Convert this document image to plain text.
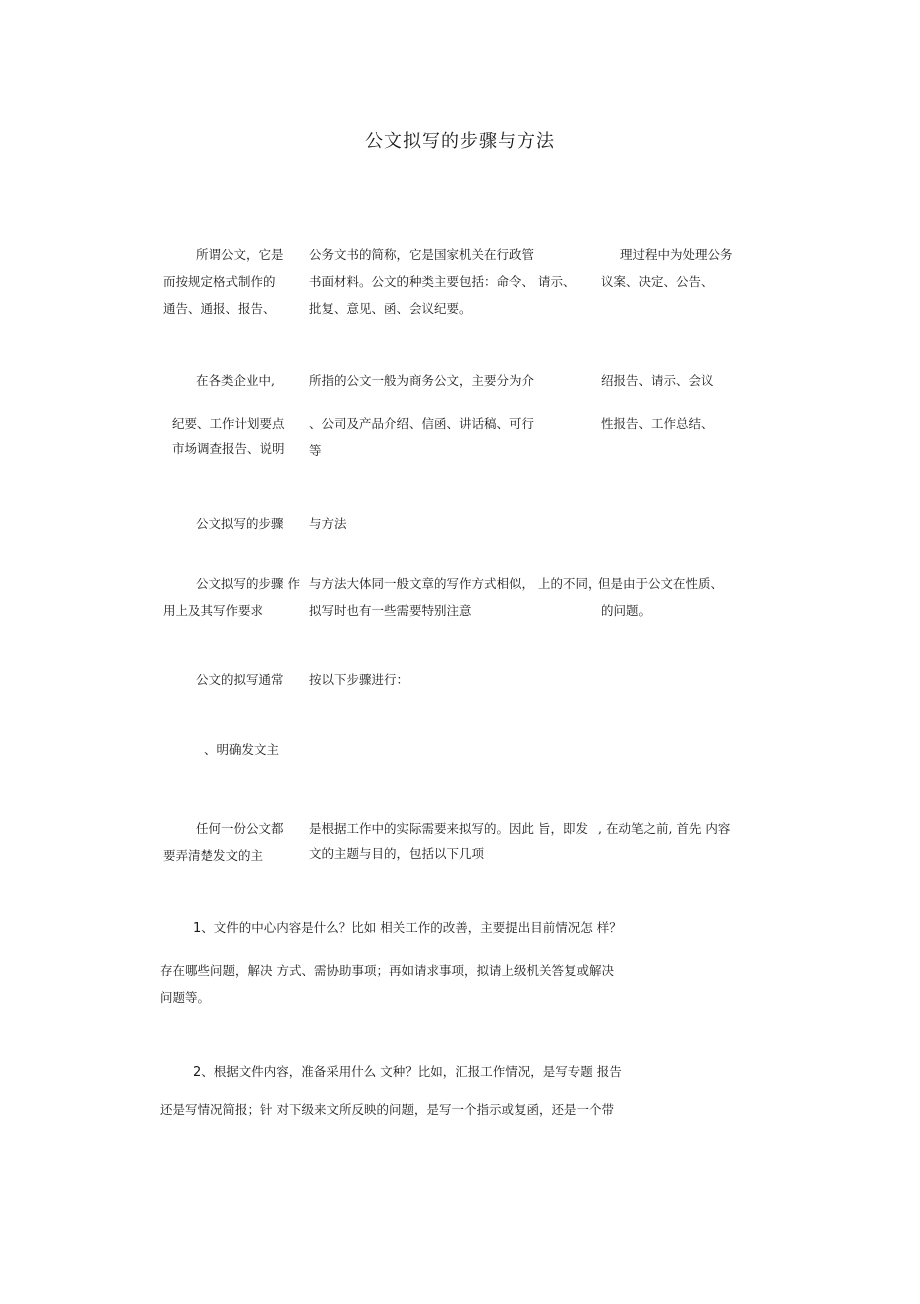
公文拟写的步骤与方法
所谓公文，它是
而按规定格式制作的
通告、通报、报告、
公务文书的简称，它是国家机关在行政管
书面材料。公文的种类主要包括：命令、 请示、
批复、意见、函、会议纪要。
理过程中为处理公务
议案、决定、公告、
在各类企业中,	所指的公文一般为商务公文，主要分为介	绍报告、请示、会议
纪要、工作计划要点
市场调查报告、说明
、公司及产品介绍、信函、讲话稿、可行
等
性报告、工作总结、
公文拟写的步骤 与方法
公文拟写的步骤 作
用上及其写作要求
与方法大体同一般文章的写作方式相似， 上的不同，
拟写时也有一些需要特别注意
但是由于公文在性质、
的问题。
公文的拟写通常 按以下步骤进行：
、明确发文主
任何一份公文都
要弄清楚发文的主
是根据工作中的实际需要来拟写的。因此 旨，即发
文的主题与目的，包括以下几项
, 在动笔之前, 首先 内容
1、文件的中心内容是什么？比如 相关工作的改善，主要提出目前情况怎 样？
存在哪些问题，解决 方式、需协助事项；再如请求事项，拟请上级机关答复或解决
问题等。
2、根据文件内容，准备采用什么 文种？比如，汇报工作情况，是写专题 报告
还是写情况简报；针 对下级来文所反映的问题，是写一个指示或复函，还是一个带
